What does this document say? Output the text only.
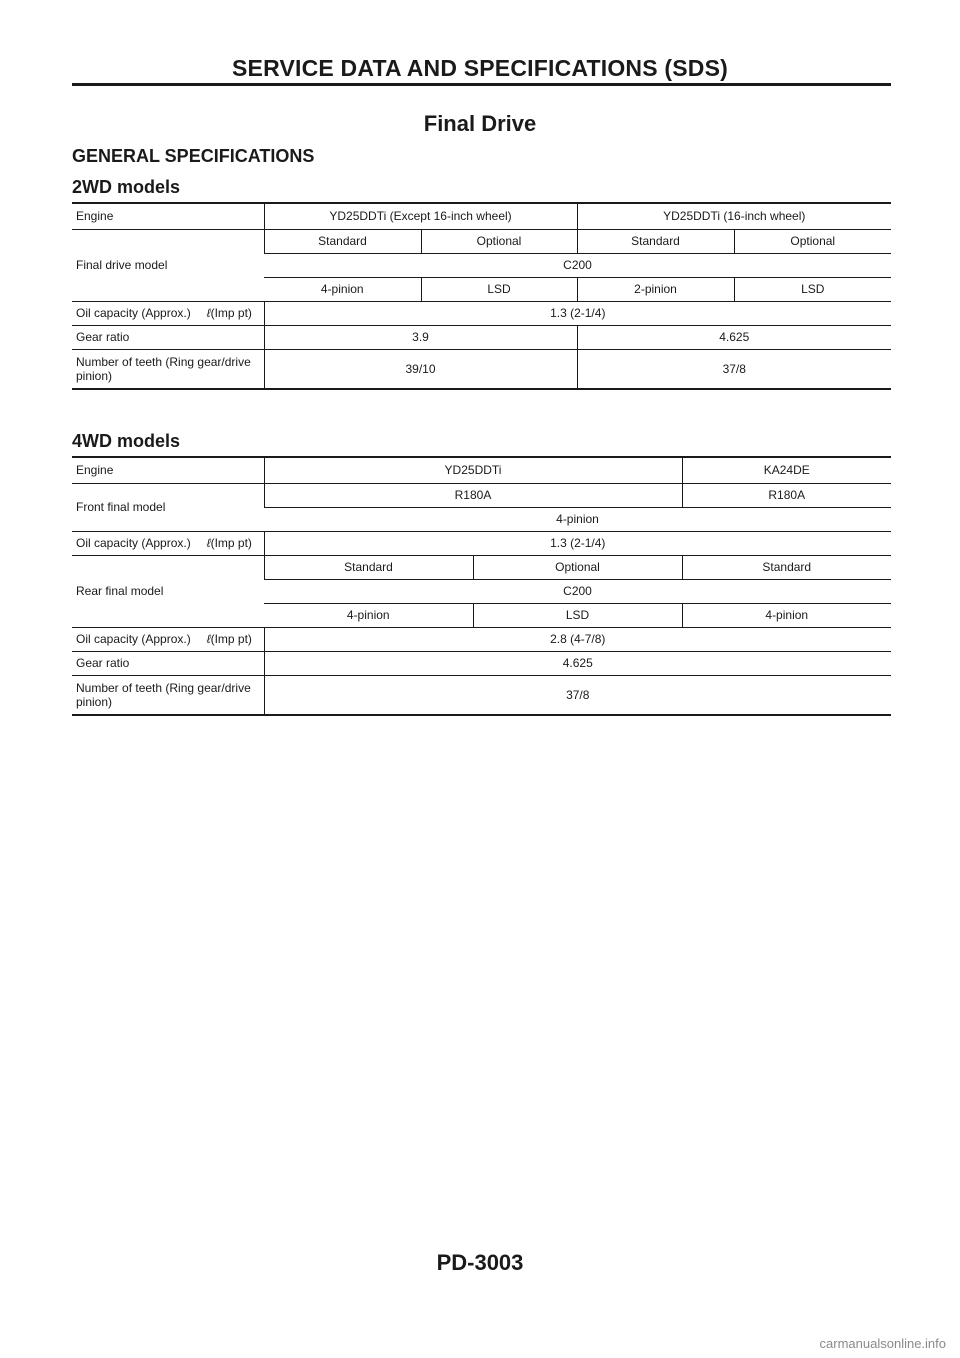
SERVICE DATA AND SPECIFICATIONS (SDS)
Final Drive
GENERAL SPECIFICATIONS
2WD models
Engine	YD25DDTi (Except 16-inch wheel)		YD25DDTi (16-inch wheel)	
Final drive model	Standard	Optional	Standard	Optional
	C200			
	4-pinion	LSD	2-pinion	LSD
Oil capacity (Approx.) ℓ(Imp pt)	1.3 (2-1/4)			
Gear ratio	3.9		4.625	
Number of teeth (Ring gear/drive pinion)	39/10		37/8	
4WD models
Engine	YD25DDTi		KA24DE
Front final model	R180A		R180A
	4-pinion		
Oil capacity (Approx.) ℓ(Imp pt)	1.3 (2-1/4)		
Rear final model	Standard	Optional	Standard
	C200		
	4-pinion	LSD	4-pinion
Oil capacity (Approx.) ℓ(Imp pt)	2.8 (4-7/8)		
Gear ratio	4.625		
Number of teeth (Ring gear/drive pinion)	37/8		
PD-3003
carmanualsonline.info
